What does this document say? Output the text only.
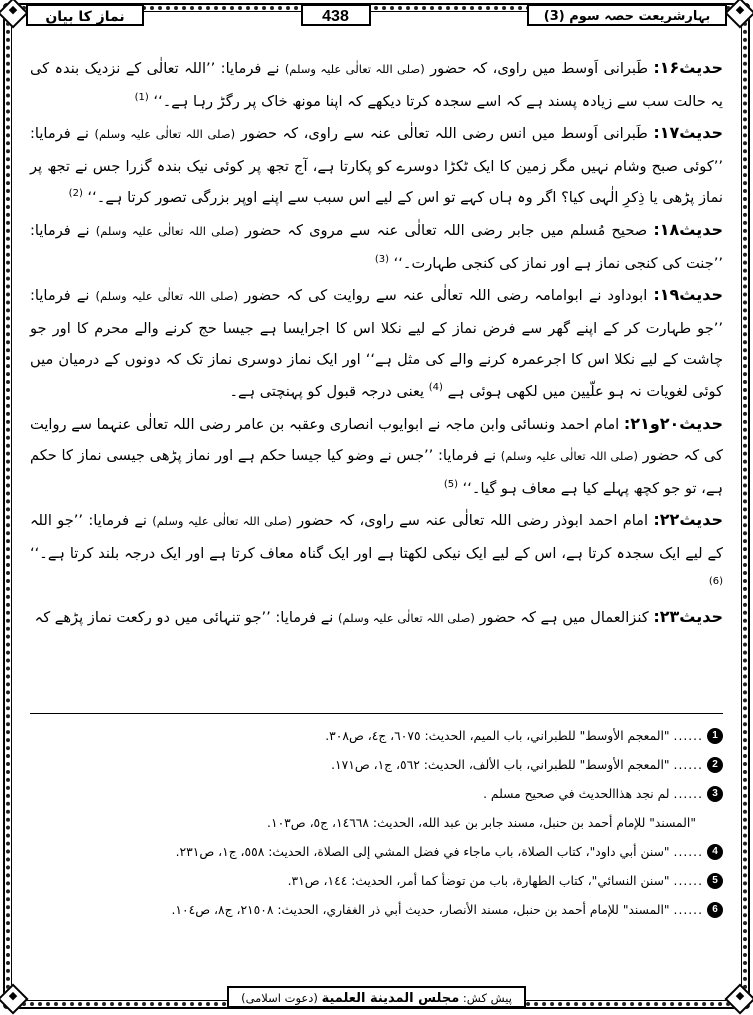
بہارِشریعت حصہ سوم (3)
438
نماز کا بیان

حدیث۱۶: طَبرانی اَوسط میں راوی، کہ حضور (صلی اللہ تعالٰی علیہ وسلم) نے فرمایا: ’’اللہ تعالٰی کے نزدیک بندہ کی یہ حالت سب سے زیادہ پسند ہے کہ اسے سجدہ کرتا دیکھے کہ اپنا مونھ خاک پر رگڑ رہا ہے۔‘‘ $^{(1)}$

حدیث۱۷: طَبرانی اَوسط میں انس رضی اللہ تعالٰی عنہ سے راوی، کہ حضور (صلی اللہ تعالٰی علیہ وسلم) نے فرمایا: ’’کوئی صبح وشام نہیں مگر زمین کا ایک ٹکڑا دوسرے کو پکارتا ہے، آج تجھ پر کوئی نیک بندہ گزرا جس نے تجھ پر نماز پڑھی یا ذِکرِ الٰہی کیا؟ اگر وہ ہاں کہے تو اس کے لیے اس سبب سے اپنے اوپر بزرگی تصور کرتا ہے۔‘‘ $^{(2)}$

حدیث۱۸: صحیح مُسلم میں جابر رضی اللہ تعالٰی عنہ سے مروی کہ حضور (صلی اللہ تعالٰی علیہ وسلم) نے فرمایا: ’’جنت کی کنجی نماز ہے اور نماز کی کنجی طہارت۔‘‘ $^{(3)}$

حدیث۱۹: ابوداود نے ابوامامہ رضی اللہ تعالٰی عنہ سے روایت کی کہ حضور (صلی اللہ تعالٰی علیہ وسلم) نے فرمایا: ’’جو طہارت کر کے اپنے گھر سے فرض نماز کے لیے نکلا اس کا اجرایسا ہے جیسا حج کرنے والے محرم کا اور جو چاشت کے لیے نکلا اس کا اجرعمرہ کرنے والے کی مثل ہے‘‘ اور ایک نماز دوسری نماز تک کہ دونوں کے درمیان میں کوئی لغویات نہ ہو علّیین میں لکھی ہوئی ہے $^{(4)}$ یعنی درجہ قبول کو پہنچتی ہے۔

حدیث۲۰و۲۱: امام احمد ونسائی وابن ماجہ نے ابوایوب انصاری وعقبہ بن عامر رضی اللہ تعالٰی عنہما سے روایت کی کہ حضور (صلی اللہ تعالٰی علیہ وسلم) نے فرمایا: ’’جس نے وضو کیا جیسا حکم ہے اور نماز پڑھی جیسی نماز کا حکم ہے، تو جو کچھ پہلے کیا ہے معاف ہو گیا۔‘‘ $^{(5)}$

حدیث۲۲: امام احمد ابوذر رضی اللہ تعالٰی عنہ سے راوی، کہ حضور (صلی اللہ تعالٰی علیہ وسلم) نے فرمایا: ’’جو اللہ کے لیے ایک سجدہ کرتا ہے، اس کے لیے ایک نیکی لکھتا ہے اور ایک گناہ معاف کرتا ہے اور ایک درجہ بلند کرتا ہے۔‘‘ $^{(6)}$

حدیث۲۳: کنزالعمال میں ہے کہ حضور (صلی اللہ تعالٰی علیہ وسلم) نے فرمایا: ’’جو تنہائی میں دو رکعت نماز پڑھے کہ

1
......
"المعجم الأوسط" للطبراني، باب الميم، الحديث: ٦٠٧٥، ج٤، ص٣٠٨.
2
......
"المعجم الأوسط" للطبراني، باب الألف، الحديث: ٥٦٢، ج١، ص١٧١.
3
......
لم نجد هذاالحديث في صحيح مسلم .
"المسند" للإمام أحمد بن حنبل، مسند جابر بن عبد الله، الحديث: ١٤٦٦٨، ج٥، ص١٠٣.
4
......
"سنن أبي داود"، كتاب الصلاة، باب ماجاء في فضل المشي إلى الصلاة، الحديث: ٥٥٨، ج١، ص٢٣١.
5
......
"سنن النسائي"، كتاب الطهارة، باب من توضأ كما أمر، الحديث: ١٤٤، ص٣١.
6
......
"المسند" للإمام أحمد بن حنبل، مسند الأنصار، حديث أبي ذر الغفاري، الحديث: ٢١٥٠٨، ج٨، ص١٠٤.
پیش کش: مجلس المدينة العلمية (دعوت اسلامی)
